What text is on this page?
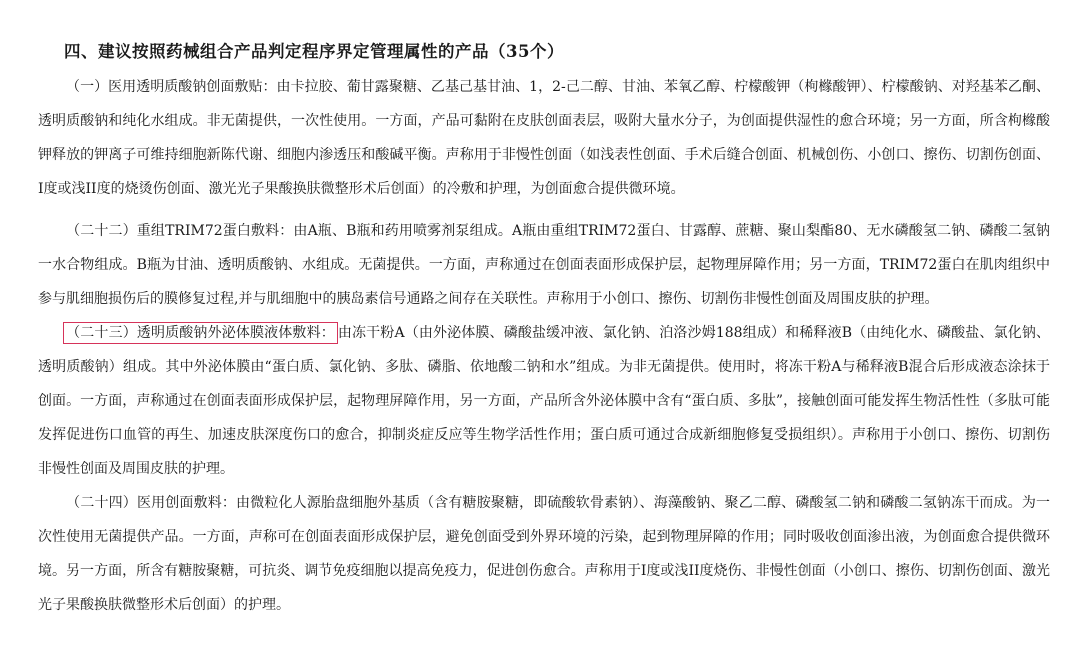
四、建议按照药械组合产品判定程序界定管理属性的产品（35个）

（一）医用透明质酸钠创面敷贴：由卡拉胶、葡甘露聚糖、乙基己基甘油、1，2-己二醇、甘油、苯氧乙醇、柠檬酸钾（枸橼酸钾）、柠檬酸钠、对羟基苯乙酮、透明质酸钠和纯化水组成。非无菌提供，一次性使用。一方面，产品可黏附在皮肤创面表层，吸附大量水分子，为创面提供湿性的愈合环境；另一方面，所含枸橼酸钾释放的钾离子可维持细胞新陈代谢、细胞内渗透压和酸碱平衡。声称用于非慢性创面（如浅表性创面、手术后缝合创面、机械创伤、小创口、擦伤、切割伤创面、I度或浅II度的烧烫伤创面、激光光子果酸换肤微整形术后创面）的冷敷和护理，为创面愈合提供微环境。

（二十二）重组TRIM72蛋白敷料：由A瓶、B瓶和药用喷雾剂泵组成。A瓶由重组TRIM72蛋白、甘露醇、蔗糖、聚山梨酯80、无水磷酸氢二钠、磷酸二氢钠一水合物组成。B瓶为甘油、透明质酸钠、水组成。无菌提供。一方面，声称通过在创面表面形成保护层，起物理屏障作用；另一方面，TRIM72蛋白在肌肉组织中参与肌细胞损伤后的膜修复过程,并与肌细胞中的胰岛素信号通路之间存在关联性。声称用于小创口、擦伤、切割伤非慢性创面及周围皮肤的护理。

（二十三）透明质酸钠外泌体膜液体敷料： 由冻干粉A（由外泌体膜、磷酸盐缓冲液、氯化钠、泊洛沙姆188组成）和稀释液B（由纯化水、磷酸盐、氯化钠、透明质酸钠）组成。其中外泌体膜由“蛋白质、氯化钠、多肽、磷脂、依地酸二钠和水”组成。为非无菌提供。使用时，将冻干粉A与稀释液B混合后形成液态涂抹于创面。一方面，声称通过在创面表面形成保护层，起物理屏障作用，另一方面，产品所含外泌体膜中含有“蛋白质、多肽”，接触创面可能发挥生物活性性（多肽可能发挥促进伤口血管的再生、加速皮肤深度伤口的愈合，抑制炎症反应等生物学活性作用；蛋白质可通过合成新细胞修复受损组织）。声称用于小创口、擦伤、切割伤非慢性创面及周围皮肤的护理。

（二十四）医用创面敷料：由微粒化人源胎盘细胞外基质（含有糖胺聚糖，即硫酸软骨素钠）、海藻酸钠、聚乙二醇、磷酸氢二钠和磷酸二氢钠冻干而成。为一次性使用无菌提供产品。一方面，声称可在创面表面形成保护层，避免创面受到外界环境的污染，起到物理屏障的作用；同时吸收创面渗出液，为创面愈合提供微环境。另一方面，所含有糖胺聚糖，可抗炎、调节免疫细胞以提高免疫力，促进创伤愈合。声称用于I度或浅II度烧伤、非慢性创面（小创口、擦伤、切割伤创面、激光光子果酸换肤微整形术后创面）的护理。
